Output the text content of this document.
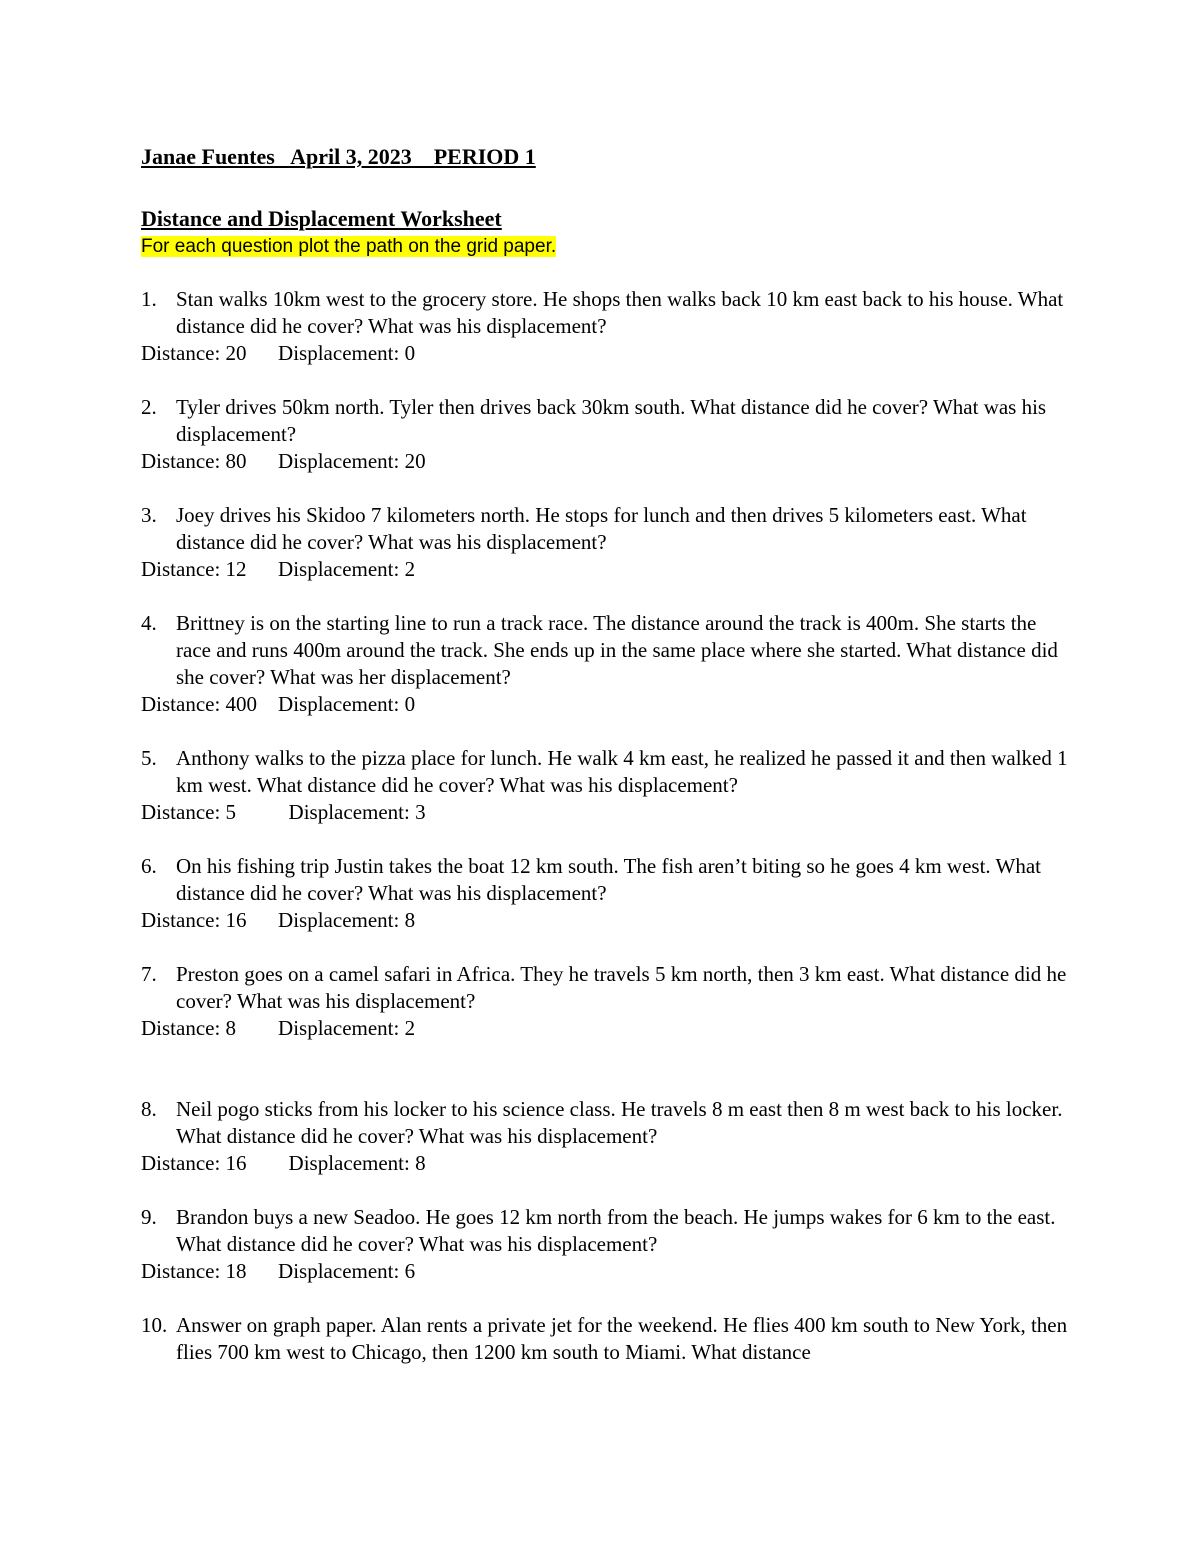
Janae Fuentes   April 3, 2023    PERIOD 1

Distance and Displacement Worksheet

For each question plot the path on the grid paper.

1. Stan walks 10km west to the grocery store. He shops then walks back 10 km east back to his house. What distance did he cover? What was his displacement?
Distance: 20      Displacement: 0
2. Tyler drives 50km north. Tyler then drives back 30km south. What distance did he cover? What was his displacement?
Distance: 80      Displacement: 20
3. Joey drives his Skidoo 7 kilometers north. He stops for lunch and then drives 5 kilometers east. What distance did he cover? What was his displacement?
Distance: 12      Displacement: 2
4. Brittney is on the starting line to run a track race. The distance around the track is 400m. She starts the race and runs 400m around the track. She ends up in the same place where she started. What distance did she cover? What was her displacement?
Distance: 400    Displacement: 0
5. Anthony walks to the pizza place for lunch. He walk 4 km east, he realized he passed it and then walked 1 km west. What distance did he cover? What was his displacement?
Distance: 5          Displacement: 3
6. On his fishing trip Justin takes the boat 12 km south. The fish aren’t biting so he goes 4 km west. What distance did he cover? What was his displacement?
Distance: 16      Displacement: 8
7. Preston goes on a camel safari in Africa. They he travels 5 km north, then 3 km east. What distance did he cover? What was his displacement?
Distance: 8        Displacement: 2
8. Neil pogo sticks from his locker to his science class. He travels 8 m east then 8 m west back to his locker. What distance did he cover? What was his displacement?
Distance: 16        Displacement: 8
9. Brandon buys a new Seadoo. He goes 12 km north from the beach. He jumps wakes for 6 km to the east. What distance did he cover? What was his displacement?
Distance: 18      Displacement: 6
10. Answer on graph paper. Alan rents a private jet for the weekend. He flies 400 km south to New York, then flies 700 km west to Chicago, then 1200 km south to Miami. What distance
